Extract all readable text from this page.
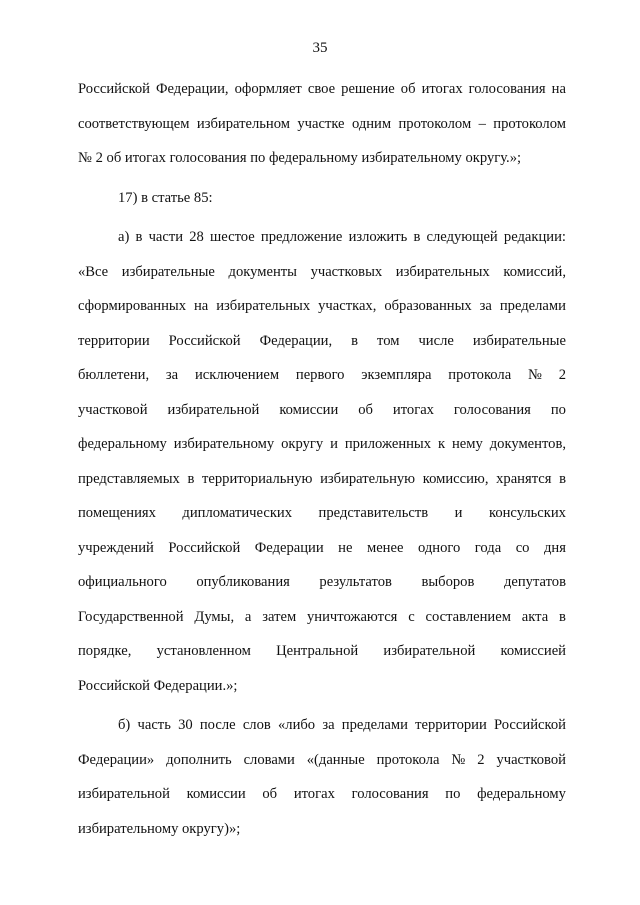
35
Российской Федерации, оформляет свое решение об итогах голосования на
соответствующем избирательном участке одним протоколом – протоколом
№ 2 об итогах голосования по федеральному избирательному округу.»;
17) в статье 85:
а) в части 28 шестое предложение изложить в следующей редакции:
«Все избирательные документы участковых избирательных комиссий,
сформированных на избирательных участках, образованных за пределами
территории Российской Федерации, в том числе избирательные
бюллетени, за исключением первого экземпляра протокола № 2
участковой избирательной комиссии об итогах голосования по
федеральному избирательному округу и приложенных к нему документов,
представляемых в территориальную избирательную комиссию, хранятся в
помещениях дипломатических представительств и консульских
учреждений Российской Федерации не менее одного года со дня
официального опубликования результатов выборов депутатов
Государственной Думы, а затем уничтожаются с составлением акта в
порядке, установленном Центральной избирательной комиссией
Российской Федерации.»;
б) часть 30 после слов «либо за пределами территории Российской
Федерации» дополнить словами «(данные протокола № 2 участковой
избирательной комиссии об итогах голосования по федеральному
избирательному округу)»;
